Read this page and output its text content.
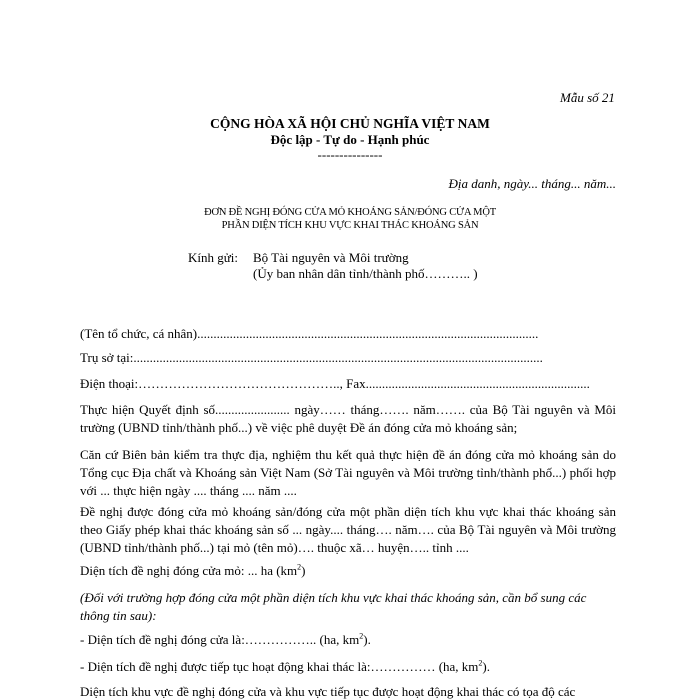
Mẫu số 21

CỘNG HÒA XÃ HỘI CHỦ NGHĨA VIỆT NAM

Độc lập - Tự do - Hạnh phúc

---------------

Địa danh, ngày... tháng... năm...

ĐƠN ĐỀ NGHỊ ĐÓNG CỬA MỎ KHOÁNG SẢN/ĐÓNG CỬA MỘT

PHẦN DIỆN TÍCH KHU VỰC KHAI THÁC KHOÁNG SẢN

Kính gửi: Bộ Tài nguyên và Môi trường

(Ủy ban nhân dân tỉnh/thành phố……….. )

(Tên tổ chức, cá nhân).........................................................................................................

Trụ sở tại:..............................................................................................................................

Điện thoại:……………………………………….., Fax.....................................................................

Thực hiện Quyết định số....................... ngày…… tháng……. năm……. của Bộ Tài nguyên và Môi trường (UBND tỉnh/thành phố...) về việc phê duyệt Đề án đóng cửa mỏ khoáng sản;

Căn cứ Biên bản kiểm tra thực địa, nghiệm thu kết quả thực hiện đề án đóng cửa mỏ khoáng sản do Tổng cục Địa chất và Khoáng sản Việt Nam (Sở Tài nguyên và Môi trường tỉnh/thành phố...) phối hợp với ... thực hiện ngày .... tháng .... năm ....

Đề nghị được đóng cửa mỏ khoáng sản/đóng cửa một phần diện tích khu vực khai thác khoáng sản theo Giấy phép khai thác khoáng sản số ... ngày.... tháng…. năm…. của Bộ Tài nguyên và Môi trường (UBND tỉnh/thành phố...) tại mỏ (tên mỏ)…. thuộc xã… huyện….. tỉnh ....

Diện tích đề nghị đóng cửa mỏ: ... ha $(km^2)$

(Đối với trường hợp đóng cửa một phần diện tích khu vực khai thác khoáng sản, cần bổ sung các thông tin sau):

- Diện tích đề nghị đóng cửa là:…………….. (ha, $km^2$).

- Diện tích đề nghị được tiếp tục hoạt động khai thác là:…………… (ha, $km^2$).

Diện tích khu vực đề nghị đóng cửa và khu vực tiếp tục được hoạt động khai thác có tọa độ các
